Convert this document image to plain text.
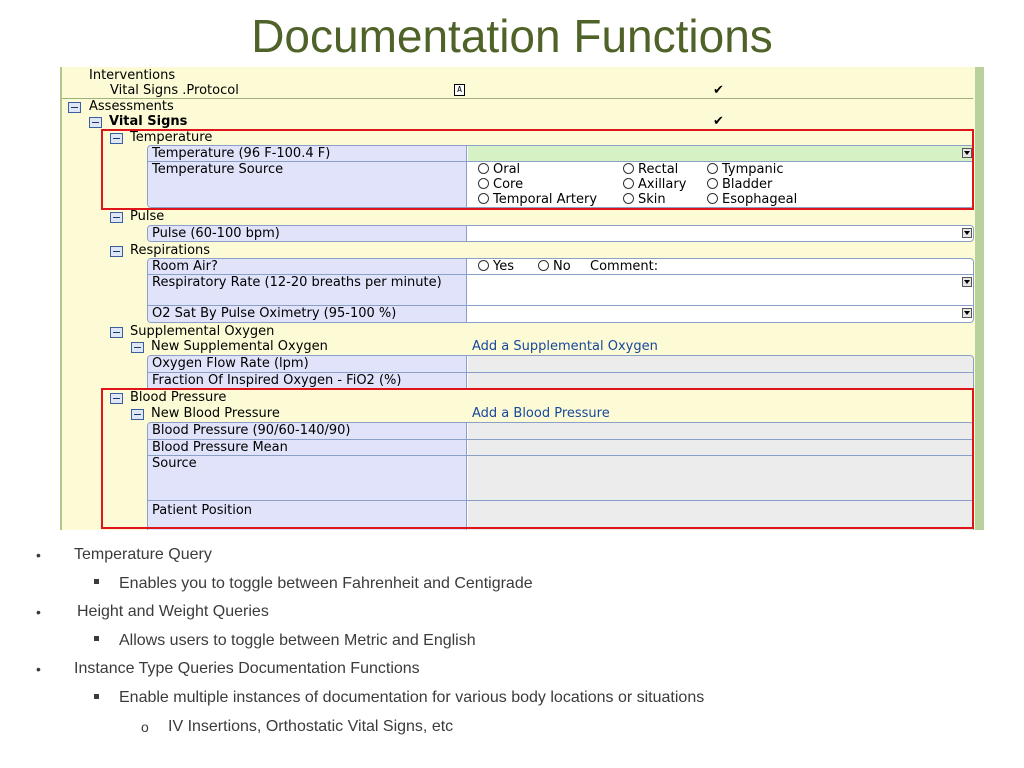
Documentation Functions
Interventions
Vital Signs .Protocol	A	✔
Assessments
Vital Signs	✔
Temperature
Temperature (96 F-100.4 F)
Temperature Source	Oral	Rectal	Tympanic
Core	Axillary	Bladder
Temporal Artery	Skin	Esophageal
Pulse
Pulse (60-100 bpm)
Respirations
Room Air?	Yes	No Comment:
Respiratory Rate (12-20 breaths per minute)
O2 Sat By Pulse Oximetry (95-100 %)
Supplemental Oxygen
New Supplemental Oxygen	Add a Supplemental Oxygen
Oxygen Flow Rate (lpm)
Fraction Of Inspired Oxygen - FiO2 (%)
Blood Pressure
New Blood Pressure	Add a Blood Pressure
Blood Pressure (90/60-140/90)
Blood Pressure Mean
Source
Patient Position
• Temperature Query
Enables you to toggle between Fahrenheit and Centigrade
• Height and Weight Queries
Allows users to toggle between Metric and English
• Instance Type Queries Documentation Functions
Enable multiple instances of documentation for various body locations or situations
o IV Insertions, Orthostatic Vital Signs, etc
